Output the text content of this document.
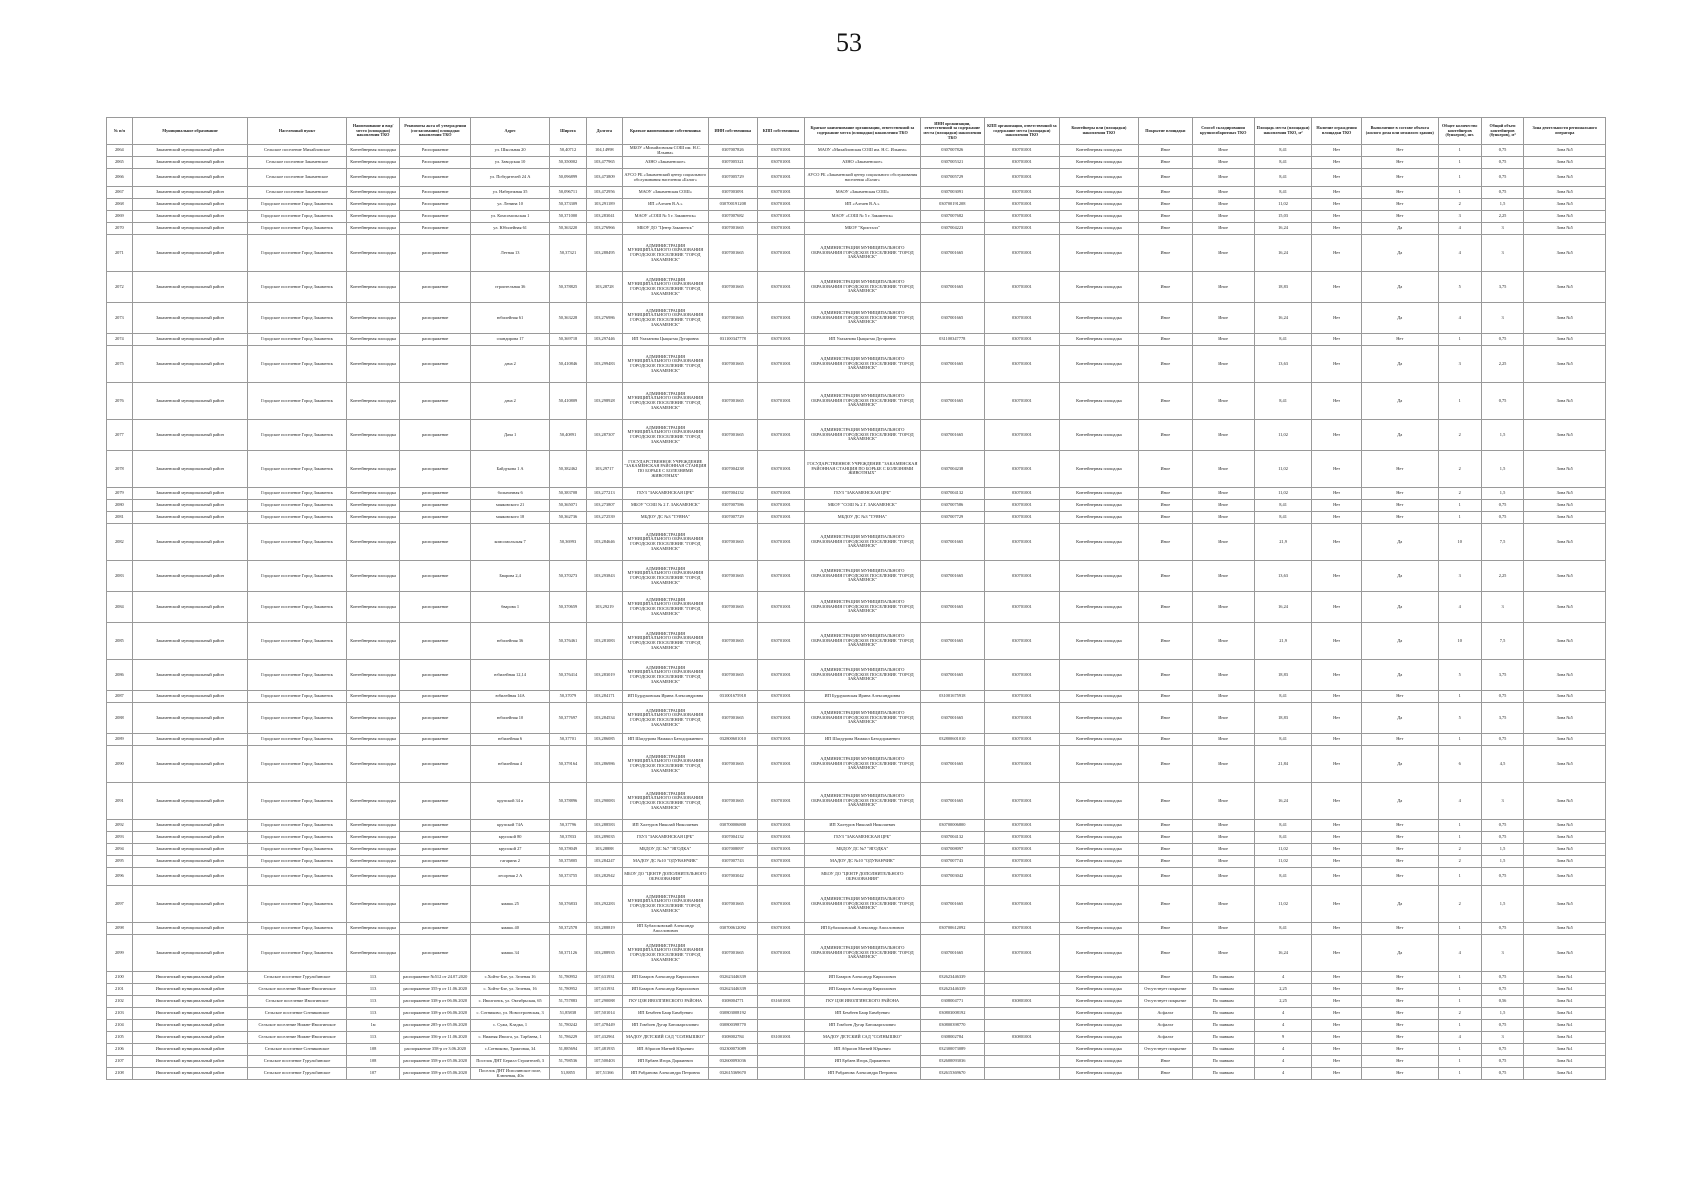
53
№ п/п	Муниципальное образование	Населенный пункт	Наименование и вид/ место (площадки) накопления ТКО	Реквизиты акта об утверждении (согласовании) площадки накопления ТКО	Адрес	Широта	Долгота	Краткое наименование собственника	ИНН собственника	КПП собственника	Краткое наименование организации, ответственной за содержание места (площадки) накопления ТКО	ИНН организации, ответственной за содержание места (площадки) накопления ТКО	КПП организации, ответственной за содержание места (площадки) накопления ТКО	Контейнеры или (площадки) накопления ТКО	Покрытие площадки	Способ складирования крупногабаритных ТКО	Площадь места (площадки) накопления ТКО, м²	Наличие ограждения площадки ТКО	Выполнение в составе объекта (жилого дома или нежилого здания)	Общее количество контейнеров (бункеров), шт.	Общий объем контейнеров (бункеров), м³	Зона деятельности регионального оператора
2064	Закаменский муниципальный район	Сельское поселение Михайловское	Контейнерная площадка	Распоряжение	ул. Школьная 20	50,40712	104,14998	МБОУ «Михайловская СОШ им. Н.С. Ильина»	0307007826	030701001	МАОУ «Михайловская СОШ им. Н.С. Ильина»	0307007826	030701001	Контейнерная площадка	Иное	Иное	8,41	Нет	Нет	1	0,75	Зона №5
2065	Закаменский муниципальный район	Сельское поселение Закаменское	Контейнерная площадка	Распоряжение	ул. Заводская 10	50,350002	103,477965	АЗНО «Закаменское»	0307005321	030701001	АЗНО «Закаменское»	0307005321	030701001	Контейнерная площадка	Иное	Иное	8,41	Нет	Нет	1	0,75	Зона №5
2066	Закаменский муниципальный район	Сельское поселение Закаменское	Контейнерная площадка	Распоряжение	ул. Победителей 24 А	50,096899	103,473809	АУСО РБ «Закаменский центр социального обслуживания населения «Бэлиг»	0307005729	030701001	АУСО РБ «Закаменский центр социального обслуживания населения «Бэлиг»	0307005729	030701001	Контейнерная площадка	Иное	Иное	8,41	Нет	Нет	1	0,75	Зона №5
2067	Закаменский муниципальный район	Сельское поселение Закаменское	Контейнерная площадка	Распоряжение	ул. Набережная 35	50,096711	103,472956	МАОУ «Закаменская СОШ»	0307003091	030701001	МАОУ «Закаменская СОШ»	0307003091	030701001	Контейнерная площадка	Иное	Иное	8,41	Нет	Нет	1	0,75	Зона №5
2068	Закаменский муниципальный район	Городское поселение Город Закаменск	Контейнерная площадка	Распоряжение	ул. Ленина 10	50,373309	103,291189	ИП «Алтаев В.А.»	030700191208	030701001	ИП «Алтаев В.А.»	030700191208	030701001	Контейнерная площадка	Иное	Иное	11,02	Нет	Нет	2	1,5	Зона №5
2069	Закаменский муниципальный район	Городское поселение Город Закаменск	Контейнерная площадка	Распоряжение	ул. Комсомольская 1	50,371000	103,283041	МАОУ «СОШ № 5 г. Закаменск»	0307007682	030701001	МАОУ «СОШ № 5 г. Закаменск»	0307007682	030701001	Контейнерная площадка	Иное	Иное	15,03	Нет	Нет	3	2,25	Зона №5
2070	Закаменский муниципальный район	Городское поселение Город Закаменск	Контейнерная площадка	Распоряжение	ул. Юбилейная 61	50,363220	103,276966	МБОУ ДО "Центр Закаменск"	0307001665	030701001	МБОУ "Кристалл"	0307004223	030701001	Контейнерная площадка	Иное	Иное	16,24	Нет	Да	4	3	Зона №5
2071	Закаменский муниципальный район	Городское поселение Город Закаменск	Контейнерная площадка	распоряжение	Летная 13	50,37321	103,288495	АДМИНИСТРАЦИЯ МУНИЦИПАЛЬНОГО ОБРАЗОВАНИЯ ГОРОДСКОЕ ПОСЕЛЕНИЕ "ГОРОД ЗАКАМЕНСК"	0307001665	030701001	АДМИНИСТРАЦИЯ МУНИЦИПАЛЬНОГО ОБРАЗОВАНИЯ ГОРОДСКОЕ ПОСЕЛЕНИЕ "ГОРОД ЗАКАМЕНСК"	0307001665	030701001	Контейнерная площадка	Иное	Иное	16,24	Нет	Да	4	3	Зона №5
2072	Закаменский муниципальный район	Городское поселение Город Закаменск	Контейнерная площадка	распоряжение	строительная 36	50,378825	103,28728	АДМИНИСТРАЦИЯ МУНИЦИПАЛЬНОГО ОБРАЗОВАНИЯ ГОРОДСКОЕ ПОСЕЛЕНИЕ "ГОРОД ЗАКАМЕНСК"	0307001665	030701001	АДМИНИСТРАЦИЯ МУНИЦИПАЛЬНОГО ОБРАЗОВАНИЯ ГОРОДСКОЕ ПОСЕЛЕНИЕ "ГОРОД ЗАКАМЕНСК"	0307001665	030701001	Контейнерная площадка	Иное	Иное	18,83	Нет	Да	5	3,75	Зона №5
2073	Закаменский муниципальный район	Городское поселение Город Закаменск	Контейнерная площадка	распоряжение	юбилейная 61	50,363228	103,276986	АДМИНИСТРАЦИЯ МУНИЦИПАЛЬНОГО ОБРАЗОВАНИЯ ГОРОДСКОЕ ПОСЕЛЕНИЕ "ГОРОД ЗАКАМЕНСК"	0307001665	030701001	АДМИНИСТРАЦИЯ МУНИЦИПАЛЬНОГО ОБРАЗОВАНИЯ ГОРОДСКОЕ ПОСЕЛЕНИЕ "ГОРОД ЗАКАМЕНСК"	0307001665	030701001	Контейнерная площадка	Иное	Иное	16,24	Нет	Да	4	3	Зона №5
2074	Закаменский муниципальный район	Городское поселение Город Закаменск	Контейнерная площадка	распоряжение	спандирова 17	50,369718	103,297446	ИП Улаханова Цыцыгма Дугаровна	031100347778	030701001	ИП Улаханова Цыцыгма Дугаровна	031100347778	030701001	Контейнерная площадка	Иное	Иное	8,41	Нет	Нет	1	0,75	Зона №5
2075	Закаменский муниципальный район	Городское поселение Город Закаменск	Контейнерная площадка	распоряжение	дача 2	50,410846	103,299483	АДМИНИСТРАЦИЯ МУНИЦИПАЛЬНОГО ОБРАЗОВАНИЯ ГОРОДСКОЕ ПОСЕЛЕНИЕ "ГОРОД ЗАКАМЕНСК"	0307001665	030701001	АДМИНИСТРАЦИЯ МУНИЦИПАЛЬНОГО ОБРАЗОВАНИЯ ГОРОДСКОЕ ПОСЕЛЕНИЕ "ГОРОД ЗАКАМЕНСК"	0307001665	030701001	Контейнерная площадка	Иное	Иное	13,63	Нет	Да	3	2,25	Зона №5
2076	Закаменский муниципальный район	Городское поселение Город Закаменск	Контейнерная площадка	распоряжение	дача 2	50,410809	103,298928	АДМИНИСТРАЦИЯ МУНИЦИПАЛЬНОГО ОБРАЗОВАНИЯ ГОРОДСКОЕ ПОСЕЛЕНИЕ "ГОРОД ЗАКАМЕНСК"	0307001665	030701001	АДМИНИСТРАЦИЯ МУНИЦИПАЛЬНОГО ОБРАЗОВАНИЯ ГОРОДСКОЕ ПОСЕЛЕНИЕ "ГОРОД ЗАКАМЕНСК"	0307001665	030701001	Контейнерная площадка	Иное	Иное	8,41	Нет	Да	1	0,75	Зона №5
2077	Закаменский муниципальный район	Городское поселение Город Закаменск	Контейнерная площадка	распоряжение	Дача 1	50,40891	103,287307	АДМИНИСТРАЦИЯ МУНИЦИПАЛЬНОГО ОБРАЗОВАНИЯ ГОРОДСКОЕ ПОСЕЛЕНИЕ "ГОРОД ЗАКАМЕНСК"	0307001665	030701001	АДМИНИСТРАЦИЯ МУНИЦИПАЛЬНОГО ОБРАЗОВАНИЯ ГОРОДСКОЕ ПОСЕЛЕНИЕ "ГОРОД ЗАКАМЕНСК"	0307001665	030701001	Контейнерная площадка	Иное	Иное	11,02	Нет	Да	2	1,5	Зона №5
2078	Закаменский муниципальный район	Городское поселение Город Закаменск	Контейнерная площадка	распоряжение	Байдукова 1 А	50,382462	103,29717	ГОСУДАРСТВЕННОЕ УЧРЕЖДЕНИЕ "ЗАКАМЕНСКАЯ РАЙОННАЯ СТАНЦИЯ ПО БОРЬБЕ С БОЛЕЗНЯМИ ЖИВОТНЫХ"	0307004238	030701001	ГОСУДАРСТВЕННОЕ УЧРЕЖДЕНИЕ "ЗАКАМЕНСКАЯ РАЙОННАЯ СТАНЦИЯ ПО БОРЬБЕ С БОЛЕЗНЯМИ ЖИВОТНЫХ"	0307004238	030701001	Контейнерная площадка	Иное	Иное	11,02	Нет	Нет	2	1,5	Зона №5
2079	Закаменский муниципальный район	Городское поселение Город Закаменск	Контейнерная площадка	распоряжение	больничная 6	50,383708	103,277213	ГБУЗ "ЗАКАМЕНСКАЯ ЦРБ"	0307004132	030701001	ГБУЗ "ЗАКАМЕНСКАЯ ЦРБ"	0307004132	030701001	Контейнерная площадка	Иное	Иное	11,02	Нет	Нет	2	1,5	Зона №5
2080	Закаменский муниципальный район	Городское поселение Город Закаменск	Контейнерная площадка	распоряжение	маяковского 21	50,365071	103,273807	МБОУ "СОШ № 2 Г. ЗАКАМЕНСК"	0307007586	030701001	МБОУ "СОШ № 2 Г. ЗАКАМЕНСК"	0307007586	030701001	Контейнерная площадка	Иное	Иное	8,41	Нет	Нет	1	0,75	Зона №5
2081	Закаменский муниципальный район	Городское поселение Город Закаменск	Контейнерная площадка	распоряжение	маяковского 18	50,362736	103,272539	МБДОУ ДС №3 "ТУЯНА"	0307007729	030701001	МБДОУ ДС №3 "ТУЯНА"	0307007729	030701001	Контейнерная площадка	Иное	Иное	8,41	Нет	Нет	1	0,75	Зона №5
2082	Закаменский муниципальный район	Городское поселение Город Закаменск	Контейнерная площадка	распоряжение	комсомольская 7	50,36993	103,284646	АДМИНИСТРАЦИЯ МУНИЦИПАЛЬНОГО ОБРАЗОВАНИЯ ГОРОДСКОЕ ПОСЕЛЕНИЕ "ГОРОД ЗАКАМЕНСК"	0307001665	030701001	АДМИНИСТРАЦИЯ МУНИЦИПАЛЬНОГО ОБРАЗОВАНИЯ ГОРОДСКОЕ ПОСЕЛЕНИЕ "ГОРОД ЗАКАМЕНСК"	0307001665	030701001	Контейнерная площадка	Иное	Иное	21,9	Нет	Да	10	7,5	Зона №5
2083	Закаменский муниципальный район	Городское поселение Город Закаменск	Контейнерная площадка	распоряжение	Бварова 2,4	50,370273	103,293843	АДМИНИСТРАЦИЯ МУНИЦИПАЛЬНОГО ОБРАЗОВАНИЯ ГОРОДСКОЕ ПОСЕЛЕНИЕ "ГОРОД ЗАКАМЕНСК"	0307001665	030701001	АДМИНИСТРАЦИЯ МУНИЦИПАЛЬНОГО ОБРАЗОВАНИЯ ГОРОДСКОЕ ПОСЕЛЕНИЕ "ГОРОД ЗАКАМЕНСК"	0307001665	030701001	Контейнерная площадка	Иное	Иное	13,63	Нет	Да	3	2,25	Зона №5
2084	Закаменский муниципальный район	Городское поселение Город Закаменск	Контейнерная площадка	распоряжение	бварова 1	50,370659	103,29219	АДМИНИСТРАЦИЯ МУНИЦИПАЛЬНОГО ОБРАЗОВАНИЯ ГОРОДСКОЕ ПОСЕЛЕНИЕ "ГОРОД ЗАКАМЕНСК"	0307001665	030701001	АДМИНИСТРАЦИЯ МУНИЦИПАЛЬНОГО ОБРАЗОВАНИЯ ГОРОДСКОЕ ПОСЕЛЕНИЕ "ГОРОД ЗАКАМЕНСК"	0307001665	030701001	Контейнерная площадка	Иное	Иное	16,24	Нет	Да	4	3	Зона №5
2085	Закаменский муниципальный район	Городское поселение Город Закаменск	Контейнерная площадка	распоряжение	юбилейная 36	50,376461	103,281083	АДМИНИСТРАЦИЯ МУНИЦИПАЛЬНОГО ОБРАЗОВАНИЯ ГОРОДСКОЕ ПОСЕЛЕНИЕ "ГОРОД ЗАКАМЕНСК"	0307001665	030701001	АДМИНИСТРАЦИЯ МУНИЦИПАЛЬНОГО ОБРАЗОВАНИЯ ГОРОДСКОЕ ПОСЕЛЕНИЕ "ГОРОД ЗАКАМЕНСК"	0307001665	030701001	Контейнерная площадка	Иное	Иное	21,9	Нет	Да	10	7,5	Зона №5
2086	Закаменский муниципальный район	Городское поселение Город Закаменск	Контейнерная площадка	распоряжение	юбилейная 12,14	50,376414	103,283019	АДМИНИСТРАЦИЯ МУНИЦИПАЛЬНОГО ОБРАЗОВАНИЯ ГОРОДСКОЕ ПОСЕЛЕНИЕ "ГОРОД ЗАКАМЕНСК"	0307001665	030701001	АДМИНИСТРАЦИЯ МУНИЦИПАЛЬНОГО ОБРАЗОВАНИЯ ГОРОДСКОЕ ПОСЕЛЕНИЕ "ГОРОД ЗАКАМЕНСК"	0307001665	030701001	Контейнерная площадка	Иное	Иное	18,83	Нет	Да	5	3,75	Зона №5
2087	Закаменский муниципальный район	Городское поселение Город Закаменск	Контейнерная площадка	распоряжение	юбилейная 14А	50,37079	103,284171	ИП Бурдуковская Ирина Александровна	031001675918	030701001	ИП Бурдуковская Ирина Александровна	031001675918	030701001	Контейнерная площадка	Иное	Иное	8,41	Нет	Нет	1	0,75	Зона №5
2088	Закаменский муниципальный район	Городское поселение Город Закаменск	Контейнерная площадка	распоряжение	юбилейная 10	50,377697	103,284534	АДМИНИСТРАЦИЯ МУНИЦИПАЛЬНОГО ОБРАЗОВАНИЯ ГОРОДСКОЕ ПОСЕЛЕНИЕ "ГОРОД ЗАКАМЕНСК"	0307001665	030701001	АДМИНИСТРАЦИЯ МУНИЦИПАЛЬНОГО ОБРАЗОВАНИЯ ГОРОДСКОЕ ПОСЕЛЕНИЕ "ГОРОД ЗАКАМЕНСК"	0307001665	030701001	Контейнерная площадка	Иное	Иное	18,83	Нет	Да	5	3,75	Зона №5
2089	Закаменский муниципальный район	Городское поселение Город Закаменск	Контейнерная площадка	распоряжение	юбилейная 6	50,37701	103,286085	ИП Шагдурова Намжил Батодоржиевич	032800601010	030701001	ИП Шагдурова Намжил Батодоржиевич	032800601010	030701001	Контейнерная площадка	Иное	Иное	8,41	Нет	Нет	1	0,75	Зона №5
2090	Закаменский муниципальный район	Городское поселение Город Закаменск	Контейнерная площадка	распоряжение	юбилейная 4	50,379164	103,286986	АДМИНИСТРАЦИЯ МУНИЦИПАЛЬНОГО ОБРАЗОВАНИЯ ГОРОДСКОЕ ПОСЕЛЕНИЕ "ГОРОД ЗАКАМЕНСК"	0307001665	030701001	АДМИНИСТРАЦИЯ МУНИЦИПАЛЬНОГО ОБРАЗОВАНИЯ ГОРОДСКОЕ ПОСЕЛЕНИЕ "ГОРОД ЗАКАМЕНСК"	0307001665	030701001	Контейнерная площадка	Иное	Иное	21,84	Нет	Да	6	4,5	Зона №5
2091	Закаменский муниципальный район	Городское поселение Город Закаменск	Контейнерная площадка	распоряжение	крупской 34 а	50,378896	103,290083	АДМИНИСТРАЦИЯ МУНИЦИПАЛЬНОГО ОБРАЗОВАНИЯ ГОРОДСКОЕ ПОСЕЛЕНИЕ "ГОРОД ЗАКАМЕНСК"	0307001665	030701001	АДМИНИСТРАЦИЯ МУНИЦИПАЛЬНОГО ОБРАЗОВАНИЯ ГОРОДСКОЕ ПОСЕЛЕНИЕ "ГОРОД ЗАКАМЕНСК"	0307001665	030701001	Контейнерная площадка	Иное	Иное	16,24	Нет	Да	4	3	Зона №5
2092	Закаменский муниципальный район	Городское поселение Город Закаменск	Контейнерная площадка	распоряжение	крупской 74А	50,37796	103,288583	ИП Халтуров Николай Николаевич	030700006800	030701001	ИП Халтуров Николай Николаевич	030700006800	030701001	Контейнерная площадка	Иное	Иное	8,41	Нет	Нет	1	0,75	Зона №5
2093	Закаменский муниципальный район	Городское поселение Город Закаменск	Контейнерная площадка	распоряжение	крупской 80	50,37833	103,289035	ГБУЗ "ЗАКАМЕНСКАЯ ЦРБ"	0307004132	030701001	ГБУЗ "ЗАКАМЕНСКАЯ ЦРБ"	0307004132	030701001	Контейнерная площадка	Иное	Иное	8,41	Нет	Нет	1	0,75	Зона №5
2094	Закаменский муниципальный район	Городское поселение Город Закаменск	Контейнерная площадка	распоряжение	крупской 27	50,378049	103,28888	МБДОУ ДС №7 "ЯГОДКА"	0307008097	030701001	МБДОУ ДС №7 "ЯГОДКА"	0307008097	030701001	Контейнерная площадка	Иное	Иное	11,02	Нет	Нет	2	1,5	Зона №5
2095	Закаменский муниципальный район	Городское поселение Город Закаменск	Контейнерная площадка	распоряжение	гагарина 2	50,375805	103,284247	МАДОУ ДС №10 "ОДУВАНЧИК"	0307007743	030701001	МАДОУ ДС №10 "ОДУВАНЧИК"	0307007743	030701001	Контейнерная площадка	Иное	Иное	11,02	Нет	Нет	2	1,5	Зона №5
2096	Закаменский муниципальный район	Городское поселение Город Закаменск	Контейнерная площадка	распоряжение	лесорная 2 А	50,373755	103,282942	МБОУ ДО "ЦЕНТР ДОПОЛНИТЕЛЬНОГО ОБРАЗОВАНИЯ"	0307003042	030701001	МБОУ ДО "ЦЕНТР ДОПОЛНИТЕЛЬНОГО ОБРАЗОВАНИЯ"	0307003042	030701001	Контейнерная площадка	Иное	Иное	8,41	Нет	Нет	1	0,75	Зона №5
2097	Закаменский муниципальный район	Городское поселение Город Закаменск	Контейнерная площадка	распоряжение	ямашь 25	50,376833	103,292283	АДМИНИСТРАЦИЯ МУНИЦИПАЛЬНОГО ОБРАЗОВАНИЯ ГОРОДСКОЕ ПОСЕЛЕНИЕ "ГОРОД ЗАКАМЕНСК"	0307001665	030701001	АДМИНИСТРАЦИЯ МУНИЦИПАЛЬНОГО ОБРАЗОВАНИЯ ГОРОДСКОЕ ПОСЕЛЕНИЕ "ГОРОД ЗАКАМЕНСК"	0307001665	030701001	Контейнерная площадка	Иное	Иное	11,02	Нет	Да	2	1,5	Зона №5
2098	Закаменский муниципальный район	Городское поселение Город Закаменск	Контейнерная площадка	распоряжение	ямашь 40	50,372578	103,288819	ИП Бубалоковский Александр Аполлонович	030700612092	030701001	ИП Бубалоковский Александр Аполлонович	030700612092	030701001	Контейнерная площадка	Иное	Иное	8,41	Нет	Нет	1	0,75	Зона №5
2099	Закаменский муниципальный район	Городское поселение Город Закаменск	Контейнерная площадка	распоряжение	ямашь 34	50,371126	103,288935	АДМИНИСТРАЦИЯ МУНИЦИПАЛЬНОГО ОБРАЗОВАНИЯ ГОРОДСКОЕ ПОСЕЛЕНИЕ "ГОРОД ЗАКАМЕНСК"	0307001665	030701001	АДМИНИСТРАЦИЯ МУНИЦИПАЛЬНОГО ОБРАЗОВАНИЯ ГОРОДСКОЕ ПОСЕЛЕНИЕ "ГОРОД ЗАКАМЕНСК"	0307001665	030701001	Контейнерная площадка	Иное	Иное	16,24	Нет	Да	4	3	Зона №5
2100	Иволгинский муниципальный район	Сельское поселение Гурульбинское	113	распоряжение №512 от 24.07.2020	с.Хойто-Бэе, ул. Зеленая 16	51,780952	107,631931	ИП Базаров Александр Кириллович	032623446339		ИП Базаров Александр Кириллович	032623446339		Контейнерная площадка	Иное	По заявкам	4	Нет	Нет	1	0,75	Зона №1
2101	Иволгинский муниципальный район	Сельское поселение Нижне-Иволгинское	113	распоряжение 355-р от 11.06.2020	с. Хойто-Бэе, ул. Зеленая, 16	51,780952	107,631931	ИП Базаров Александр Кириллович	032623446339		ИП Базаров Александр Кириллович	032623446339		Контейнерная площадка	Отсутствует покрытие	По заявкам	2,25	Нет	Нет	1	0,75	Зона №1
2102	Иволгинский муниципальный район	Сельское поселение Иволгинское	113	распоряжение 338-р от 06.06.2020	с. Иволгинск, ул. Октябрьская, 65	51,757883	107,290088	ГКУ ЦЗН ИВОЛГИНСКОГО РАЙОНА	0308004771	031601001	ГКУ ЦЗН ИВОЛГИНСКОГО РАЙОНА	0308004771	030801001	Контейнерная площадка	Отсутствует покрытие	По заявкам	2,25	Нет	Нет	1	0,56	Зона №1
2103	Иволгинский муниципальный район	Сельское поселение Сотниковское	113	распоряжение 338-р от 06.06.2020	с. Сотниково, ул. Новостроевская, 3	51,85838	107,501014	ИП Бембеев Баир Бимбуевич	030803008192		ИП Бембеев Баир Бимбуевич	030803008192		Контейнерная площадка	Асфальт	По заявкам	4	Нет	Нет	2	1,5	Зона №1
2104	Иволгинский муниципальный район	Сельское поселение Нижне-Иволгинское	1м	распоряжение 285-р от 05.06.2020	с. Сужа, Кладка, 1	51,780242	107,478449	ИП Гомбоев Дугар Батожаргалович	030800398770		ИП Гомбоев Дугар Батожаргалович	030800398770		Контейнерная площадка	Асфальт	По заявкам	4	Нет	Нет	1	0,75	Зона №1
2105	Иволгинский муниципальный район	Сельское поселение Нижне-Иволгинское	113	распоряжение 356-р от 11.06.2020	с. Нижняя Иволга, ул. Тарбаева, 1	51,786229	107,432961	МАДОУ ДЕТСКИЙ САД "СОЛНЫШКО"	0308002784	031001001	МАДОУ ДЕТСКИЙ САД "СОЛНЫШКО"	0308002784	030801001	Контейнерная площадка	Асфальт	По заявкам	9	Нет	Нет	4	3	Зона №1
2106	Иволгинский муниципальный район	Сельское поселение Сотниковское	108	распоряжение 358-р от 3.06.2020	с.Сотниково, Трактовая, 34	51,885694	107,481935	ИП Абрасов Матвей Юрьевич	032300073089		ИП Абрасов Матвей Юрьевич	032300073089		Контейнерная площадка	Отсутствует покрытие	По заявкам	4	Нет	Нет	1	0,75	Зона №1
2107	Иволгинский муниципальный район	Сельское поселение Гурульбинское	108	распоряжение 358-р от 05.06.2020	Поселок ДНТ Берилл Строителей, 3	51,798536	107,500403	ИП Ербаев Игорь Даржиевич	032600093036		ИП Ербаев Игорь Даржиевич	032600093036		Контейнерная площадка	Иное	По заявкам	4	Нет	Нет	1	0,75	Зона №1
2108	Иволгинский муниципальный район	Сельское поселение Гурульбинское	107	распоряжение 358-р от 05.06.2020	Поселок ДНТ Исполинское поле, Ключевая, 40а	51,8855	107,51366	ИП Рабданова Александра Петровна	032615369670		ИП Рабданова Александра Петровна	032615369670		Контейнерная площадка	Иное	По заявкам	4	Нет	Нет	1	0,75	Зона №1
